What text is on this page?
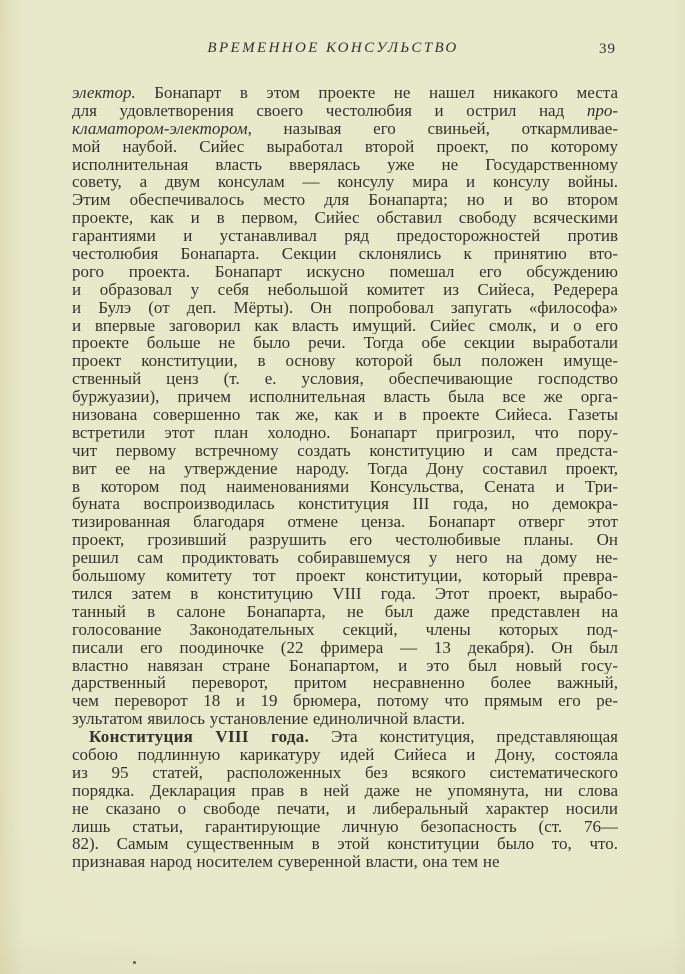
ВРЕМЕННОЕ КОНСУЛЬСТВО	39
электор. Бонапарт в этом проекте не нашел никакого места
для удовлетворения своего честолюбия и острил над про-
кламатором-электором, называя его свиньей, откармливае-
мой наубой. Сийес выработал второй проект, по которому
исполнительная власть вверялась уже не Государственному
совету, а двум консулам — консулу мира и консулу войны.
Этим обеспечивалось место для Бонапарта; но и во втором
проекте, как и в первом, Сийес обставил свободу всяческими
гарантиями и устанавливал ряд предосторожностей против
честолюбия Бонапарта. Секции склонялись к принятию вто-
рого проекта. Бонапарт искусно помешал его обсуждению
и образовал у себя небольшой комитет из Сийеса, Редерера
и Булэ (от деп. Мёрты). Он попробовал запугать «философа»
и впервые заговорил как власть имущий. Сийес смолк, и о его
проекте больше не было речи. Тогда обе секции выработали
проект конституции, в основу которой был положен имуще-
ственный ценз (т. е. условия, обеспечивающие господство
буржуазии), причем исполнительная власть была все же орга-
низована совершенно так же, как и в проекте Сийеса. Газеты
встретили этот план холодно. Бонапарт пригрозил, что пору-
чит первому встречному создать конституцию и сам предста-
вит ее на утверждение народу. Тогда Дону составил проект,
в котором под наименованиями Консульства, Сената и Три-
буната воспроизводилась конституция III года, но демокра-
тизированная благодаря отмене ценза. Бонапарт отверг этот
проект, грозивший разрушить его честолюбивые планы. Он
решил сам продиктовать собиравшемуся у него на дому не-
большому комитету тот проект конституции, который превра-
тился затем в конституцию VIII года. Этот проект, вырабо-
танный в салоне Бонапарта, не был даже представлен на
голосование Законодательных секций, члены которых под-
писали его поодиночке (22 фримера — 13 декабря). Он был
властно навязан стране Бонапартом, и это был новый госу-
дарственный переворот, притом несравненно более важный,
чем переворот 18 и 19 брюмера, потому что прямым его ре-
зультатом явилось установление единоличной власти.
Конституция VIII года. Эта конституция, представляющая
собою подлинную карикатуру идей Сийеса и Дону, состояла
из 95 статей, расположенных без всякого систематического
порядка. Декларация прав в ней даже не упомянута, ни слова
не сказано о свободе печати, и либеральный характер носили
лишь статьи, гарантирующие личную безопасность (ст. 76—
82). Самым существенным в этой конституции было то, что.
признавая народ носителем суверенной власти, она тем не
